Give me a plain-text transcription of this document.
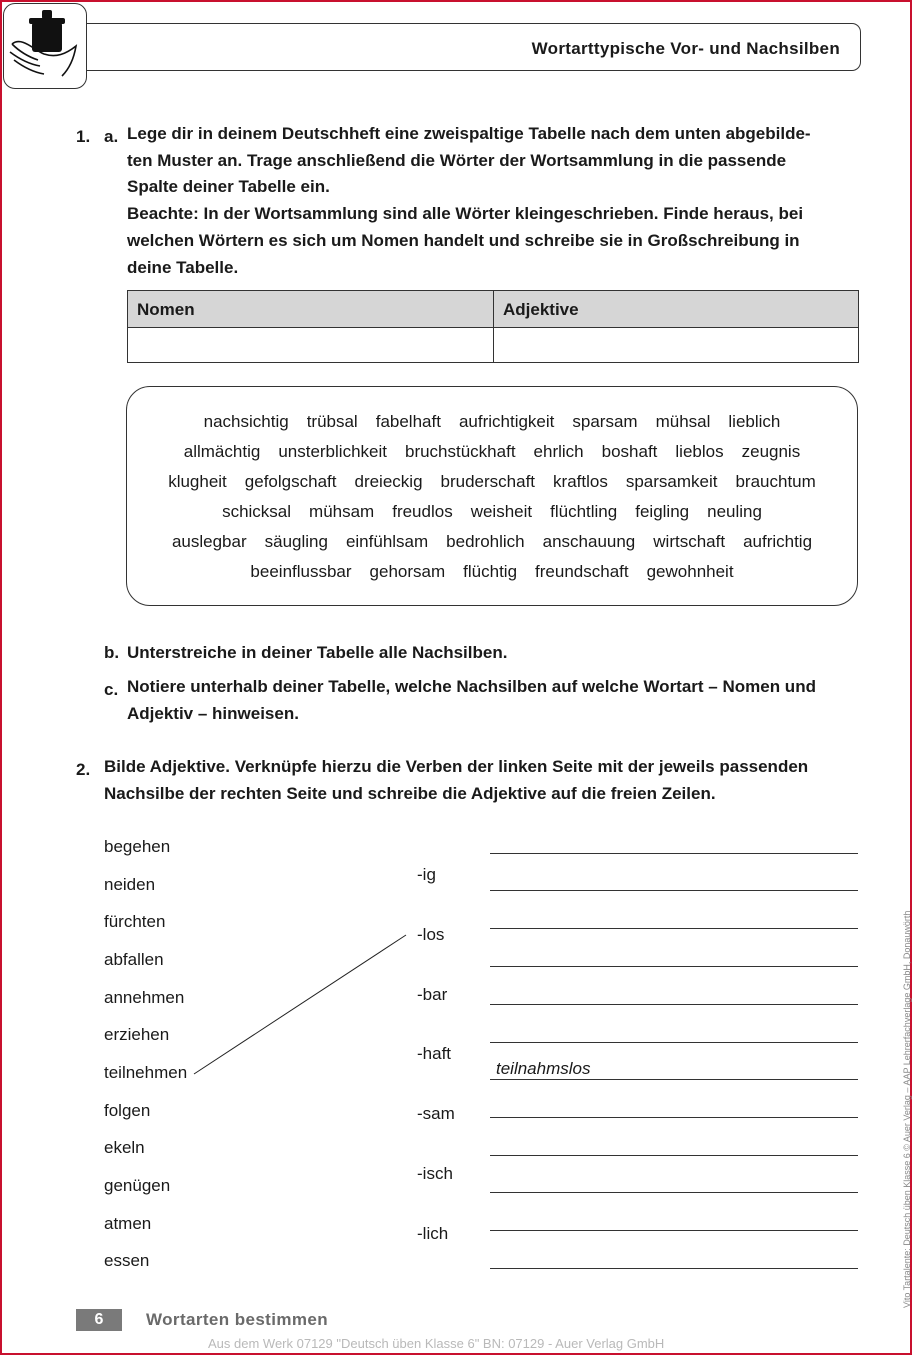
Wortarttypische Vor- und Nachsilben
1. a. Lege dir in deinem Deutschheft eine zweispaltige Tabelle nach dem unten abgebilde-
ten Muster an. Trage anschließend die Wörter der Wortsammlung in die passende
Spalte deiner Tabelle ein.
Beachte: In der Wortsammlung sind alle Wörter kleingeschrieben. Finde heraus, bei
welchen Wörtern es sich um Nomen handelt und schreibe sie in Großschreibung in
deine Tabelle.
Nomen	Adjektive
nachsichtig trübsal fabelhaft aufrichtigkeit sparsam mühsal lieblich
allmächtig unsterblichkeit bruchstückhaft ehrlich boshaft lieblos zeugnis
klugheit gefolgschaft dreieckig bruderschaft kraftlos sparsamkeit brauchtum
schicksal mühsam freudlos weisheit flüchtling feigling neuling
auslegbar säugling einfühlsam bedrohlich anschauung wirtschaft aufrichtig
beeinflussbar gehorsam flüchtig freundschaft gewohnheit
b. Unterstreiche in deiner Tabelle alle Nachsilben.
c. Notiere unterhalb deiner Tabelle, welche Nachsilben auf welche Wortart – Nomen und
Adjektiv – hinweisen.
2. Bilde Adjektive. Verknüpfe hierzu die Verben der linken Seite mit der jeweils passenden
Nachsilbe der rechten Seite und schreibe die Adjektive auf die freien Zeilen.
begehen
neiden
fürchten
abfallen
annehmen
erziehen
teilnehmen
folgen
ekeln
genügen
atmen
essen
-ig
-los
-bar
-haft
-sam
-isch
-lich
teilnahmslos
6	Wortarten bestimmen
Aus dem Werk 07129 "Deutsch üben Klasse 6" BN: 07129 - Auer Verlag GmbH
Vito Tartalente: Deutsch üben Klasse 6 © Auer Verlag – AAP Lehrerfachverlage GmbH, Donauwörth
